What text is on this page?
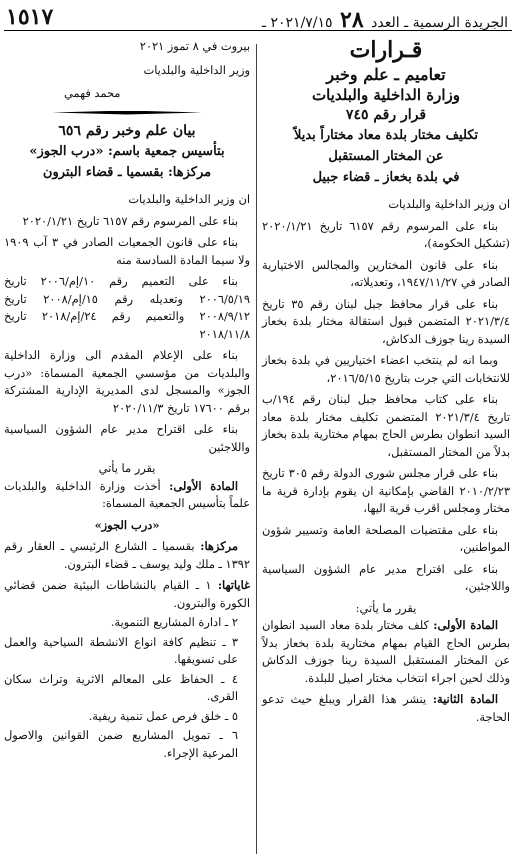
١٥١٧	الجريدة الرسمية ـ العدد ٢٨ ٢٠٢١/٧/١٥ ـ
قـرارات
تعاميم ـ علم وخبر
وزارة الداخلية والبلديات
قرار رقم ٧٤٥
تكليف مختار بلدة معاد مختاراً بديلاً
عن المختار المستقبل
في بلدة بخعاز ـ قضاء جبيل

ان وزير الداخلية والبلديات

بناء على المرسوم رقم ٦١٥٧ تاريخ ٢٠٢٠/١/٢١ (تشكيل الحكومة)،

بناء على قانون المختارين والمجالس الاختيارية الصادر في ١٩٤٧/١١/٢٧، وتعديلاته،

بناء على قرار محافظ جبل لبنان رقم ٣٥ تاريخ ٢٠٢١/٣/٤ المتضمن قبول استقالة مختار بلدة بخعاز السيدة رينا جوزف الدكاش،

وبما انه لم ينتخب اعضاء اختياريين في بلدة بخعاز للانتخابات التي جرت بتاريخ ٢٠١٦/٥/١٥،

بناء على كتاب محافظ جبل لبنان رقم ١٩٤/ب تاريخ ٢٠٢١/٣/٤ المتضمن تكليف مختار بلدة معاد السيد انطوان بطرس الحاج بمهام مختارية بلدة بخعاز بدلاً من المختار المستقبل،

بناء على قرار مجلس شورى الدولة رقم ٣٠٥ تاريخ ٢٠١٠/٢/٢٣ القاضي بإمكانية ان يقوم بإدارة قرية ما مختار ومجلس اقرب قرية اليها،

بناء على مقتضيات المصلحة العامة وتسيير شؤون المواطنين،

بناء على اقتراح مدير عام الشؤون السياسية واللاجئين،

يقرر ما يأتي:

المادة الأولى: كلف مختار بلدة معاد السيد انطوان بطرس الحاج القيام بمهام مختارية بلدة بخعاز بدلاً عن المختار المستقبل السيدة رينا جوزف الدكاش وذلك لحين اجراء انتخاب مختار اصيل للبلدة.

المادة الثانية: ينشر هذا القرار ويبلغ حيث تدعو الحاجة.

بيروت في ٨ تموز ٢٠٢١
وزير الداخلية والبلديات
محمد فهمي
بيان علم وخبر رقم ٦٥٦
بتأسيس جمعية باسم: «درب الجوز»
مركزها: بقسميا ـ قضاء البترون

ان وزير الداخلية والبلديات

بناء على المرسوم رقم ٦١٥٧ تاريخ ٢٠٢٠/١/٢١

بناء على قانون الجمعيات الصادر في ٣ آب ١٩٠٩ ولا سيما المادة السادسة منه

بناء على التعميم رقم ١٠/إم/٢٠٠٦ تاريخ ٢٠٠٦/٥/١٩ وتعديله رقم ١٥/إم/٢٠٠٨ تاريخ ٢٠٠٨/٩/١٢ والتعميم رقم ٢٤/إم/٢٠١٨ تاريخ ٢٠١٨/١١/٨

بناء على الإعلام المقدم الى وزارة الداخلية والبلديات من مؤسسي الجمعية المسماة: «درب الجوز» والمسجل لدى المديرية الإدارية المشتركة برقم ١٧٦٠٠ تاريخ ٢٠٢٠/١١/٣

بناء على اقتراح مدير عام الشؤون السياسية واللاجئين

يقرر ما يأتي

المادة الأولى: أخذت وزارة الداخلية والبلديات علماً بتأسيس الجمعية المسماة:

«درب الجوز»

مركزها: بقسميا ـ الشارع الرئيسي ـ العقار رقم ١٣٩٢ ـ ملك وليد يوسف ـ قضاء البترون.

غاياتها: ١ ـ القيام بالنشاطات البيئية ضمن قضائي الكورة والبترون.

٢ ـ ادارة المشاريع التنموية.

٣ ـ تنظيم كافة انواع الانشطة السياحية والعمل على تسويقها.

٤ ـ الحفاظ على المعالم الاثرية وتراث سكان القرى.

٥ ـ خلق فرص عمل تنمية ريفية.

٦ ـ تمويل المشاريع ضمن القوانين والاصول المرعية الإجراء.
